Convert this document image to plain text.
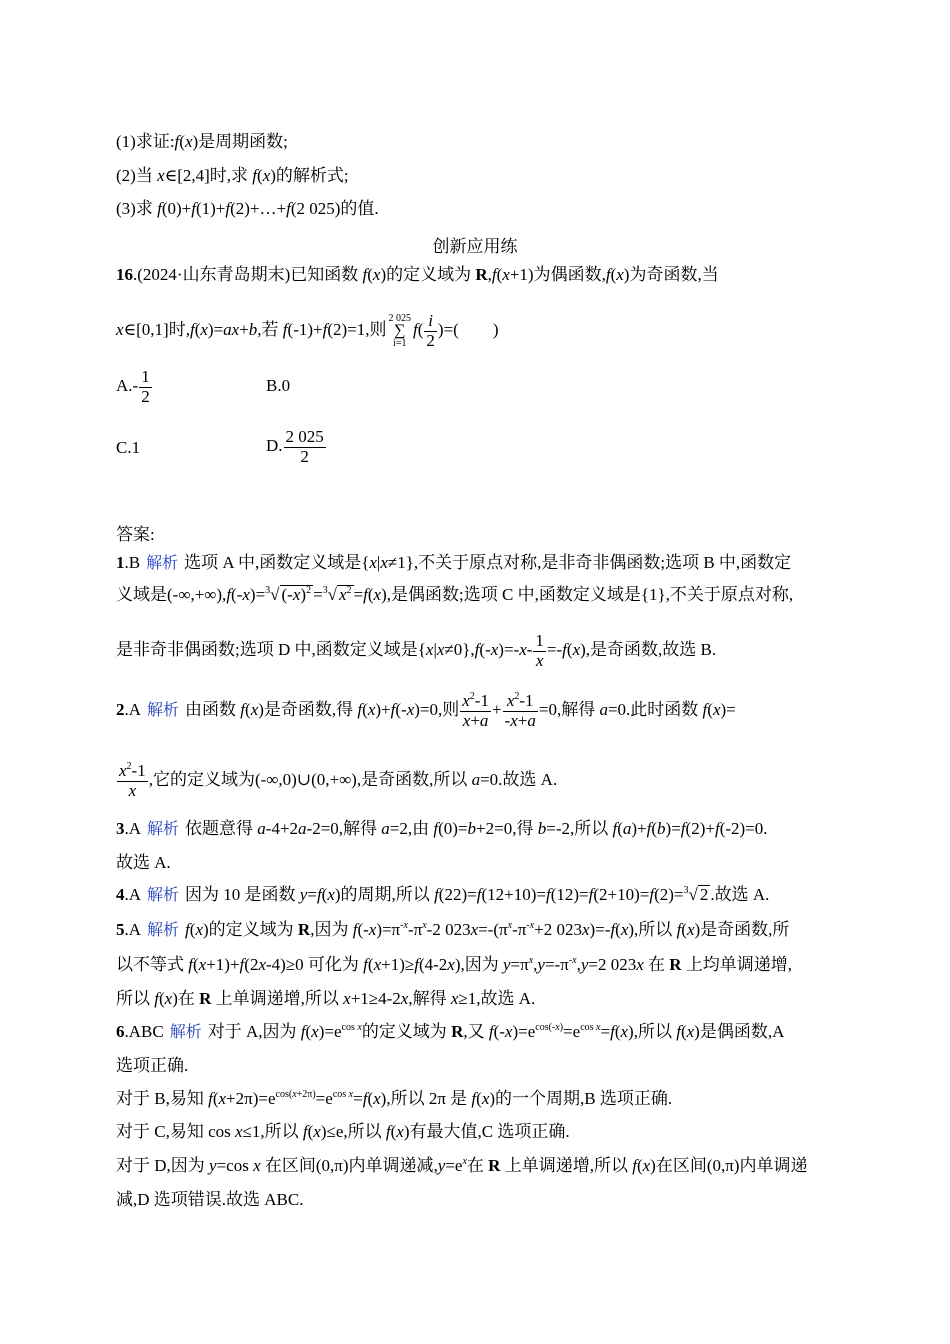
(1)求证:f(x)是周期函数;
(2)当 x∈[2,4]时,求 f(x)的解析式;
(3)求 f(0)+f(1)+f(2)+…+f(2 025)的值.
创新应用练
16.(2024·山东青岛期末)已知函数 f(x)的定义域为 R,f(x+1)为偶函数,f(x)为奇函数,当
x∈[0,1]时,f(x)=ax+b,若 f(-1)+f(2)=1,则2 025
∑
$i=1f( \frac{i}{2}$ )=(　　)
$A.- \frac{1}{2}$	B.0
C.1	D. $\frac{2 025}{2}$
答案:
1.B 解析 选项 A 中,函数定义域是{x|x≠1},不关于原点对称,是非奇非偶函数;选项 B 中,函数定
义域是(-∞,+∞),f(-x)=$^3$√ $(-x)^2 =^3√$ $x^2 =f(x)$,是偶函数;选项 C 中,函数定义域是{1},不关于原点对称,
是非奇非偶函数;选项 D 中,函数定义域是$\{x|x\ne 0\},f(-x)=-x- \frac{1}{x} =-f(x)$,是奇函数,故选 B.
2.A 解析 由函数 f(x)是奇函数,得 f(x)+f(-x)=0,则 $\frac{x^2-1}{x+a} + \frac{x^2-1}{-x+a} =0$,解得 a=0.此时函数 f(x)=
$\frac{x^2-1}{x}$ ,它的定义域为(-∞,0)∪(0,+∞),是奇函数,所以 a=0.故选 A.
3.A 解析 依题意得 a-4+2a-2=0,解得 a=2,由 f(0)=b+2=0,得 b=-2,所以 f(a)+f(b)=f(2)+f(-2)=0.
故选 A.
4.A 解析 因为 10 是函数 y=f(x)的周期,所以 f(22)=f(12+10)=f(12)=f(2+10)=f(2)=$^3$√ 2 .故选 A.
5.A 解析 f(x)的定义域为 R,因为 $f(-x)=\pi^{-x}-\pi^x-2$ $023x=-(\pi^x-\pi^{-x}+2$ 023x)=-f(x),所以 f(x)是奇函数,所
以不等式 f(x+1)+f(2x-4)≥0 可化为 f(x+1)≥f(4-2x),因为 $y=\pi^x,y=-\pi^{-x},y=2$ 023x 在 R 上均单调递增,
所以 f(x)在 R 上单调递增,所以 x+1≥4-2x,解得 x≥1,故选 A.
6.ABC 解析 对于 A,因为 $f(x)=e^{cos x}$的定义域为 R,又 $f(-x)=e^{cos(-x)}=e^{cos x}=f(x)$,所以 f(x)是偶函数,A
选项正确.
对于 B,易知 $f(x+2\pi)=e^{cos(x+2\pi)}=e^{cos x}=f(x)$,所以 2π 是 f(x)的一个周期,B 选项正确.
对于 C,易知 cos x≤1,所以 f(x)≤e,所以 f(x)有最大值,C 选项正确.
对于 D,因为 y=cos x 在区间(0,π)内单调递减$,y=e^x$在 R 上单调递增,所以 f(x)在区间(0,π)内单调递
减,D 选项错误.故选 ABC.
